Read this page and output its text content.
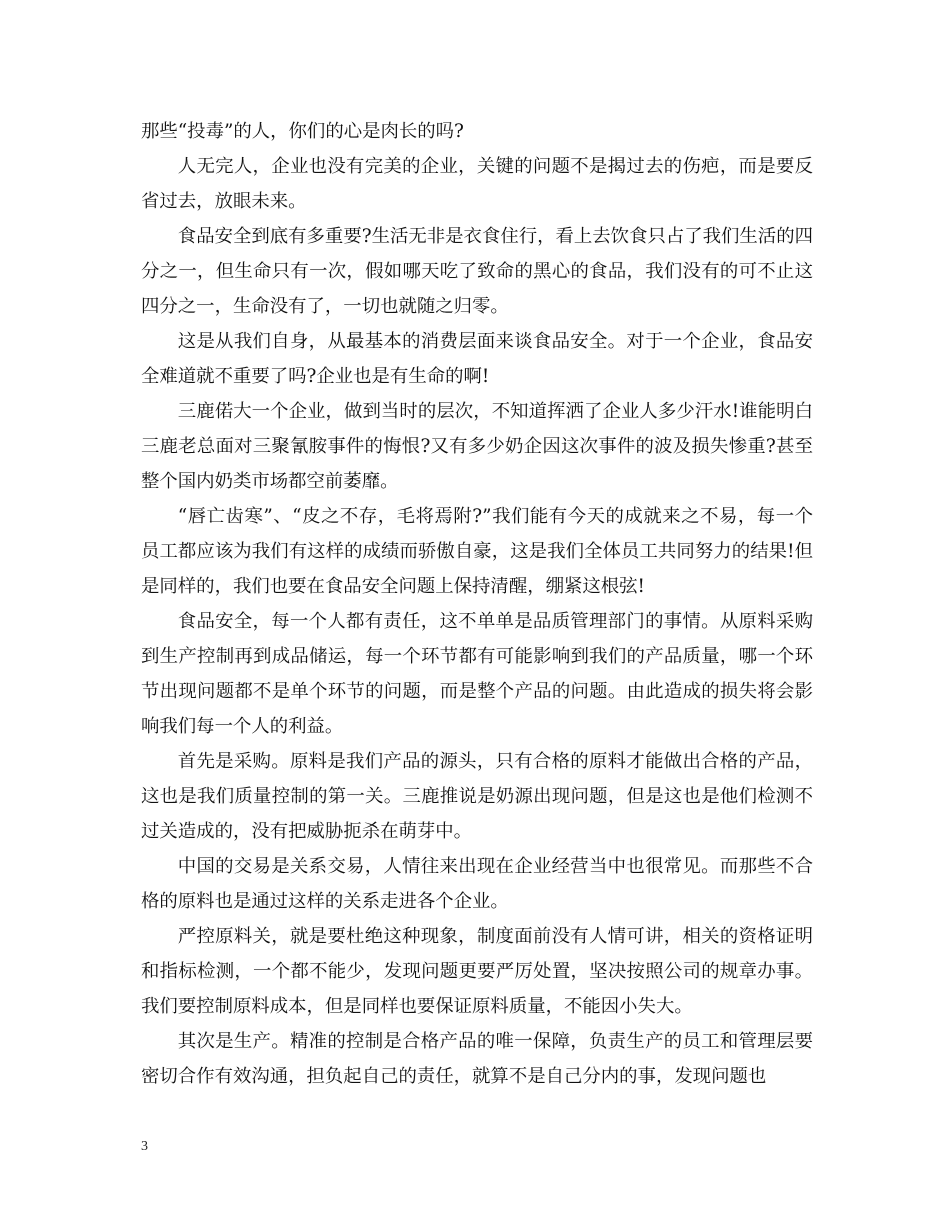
那些“投毒”的人，你们的心是肉长的吗?

人无完人，企业也没有完美的企业，关键的问题不是揭过去的伤疤，而是要反省过去，放眼未来。

食品安全到底有多重要?生活无非是衣食住行，看上去饮食只占了我们生活的四分之一，但生命只有一次，假如哪天吃了致命的黑心的食品，我们没有的可不止这四分之一，生命没有了，一切也就随之归零。

这是从我们自身，从最基本的消费层面来谈食品安全。对于一个企业，食品安全难道就不重要了吗?企业也是有生命的啊!

三鹿偌大一个企业，做到当时的层次，不知道挥洒了企业人多少汗水!谁能明白三鹿老总面对三聚氰胺事件的悔恨?又有多少奶企因这次事件的波及损失惨重?甚至整个国内奶类市场都空前萎靡。

“唇亡齿寒”、“皮之不存，毛将焉附?”我们能有今天的成就来之不易，每一个员工都应该为我们有这样的成绩而骄傲自豪，这是我们全体员工共同努力的结果!但是同样的，我们也要在食品安全问题上保持清醒，绷紧这根弦!

食品安全，每一个人都有责任，这不单单是品质管理部门的事情。从原料采购到生产控制再到成品储运，每一个环节都有可能影响到我们的产品质量，哪一个环节出现问题都不是单个环节的问题，而是整个产品的问题。由此造成的损失将会影响我们每一个人的利益。

首先是采购。原料是我们产品的源头，只有合格的原料才能做出合格的产品，这也是我们质量控制的第一关。三鹿推说是奶源出现问题，但是这也是他们检测不过关造成的，没有把威胁扼杀在萌芽中。

中国的交易是关系交易，人情往来出现在企业经营当中也很常见。而那些不合格的原料也是通过这样的关系走进各个企业。

严控原料关，就是要杜绝这种现象，制度面前没有人情可讲，相关的资格证明和指标检测，一个都不能少，发现问题更要严厉处置，坚决按照公司的规章办事。我们要控制原料成本，但是同样也要保证原料质量，不能因小失大。

其次是生产。精准的控制是合格产品的唯一保障，负责生产的员工和管理层要密切合作有效沟通，担负起自己的责任，就算不是自己分内的事，发现问题也

3
